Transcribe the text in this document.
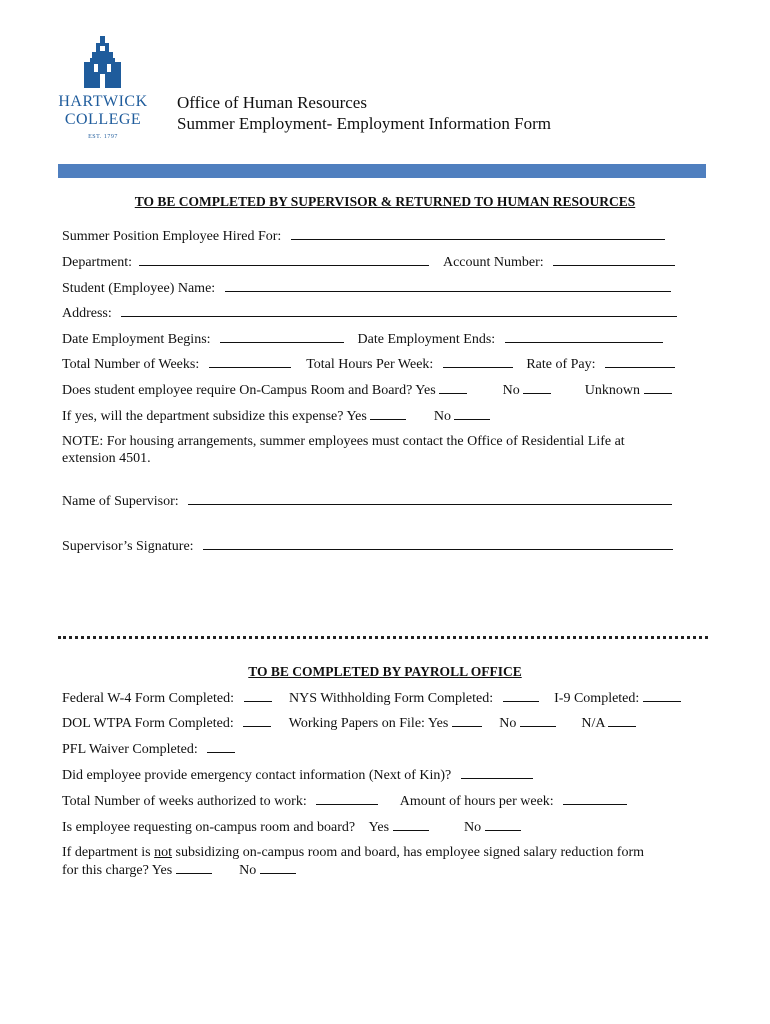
HARTWICK
COLLEGE
EST. 1797
Office of Human Resources
Summer Employment- Employment Information Form
TO BE COMPLETED BY SUPERVISOR & RETURNED TO HUMAN RESOURCES
Summer Position Employee Hired For:
Department:	Account Number:
Student (Employee) Name:
Address:
Date Employment Begins:	Date Employment Ends:
Total Number of Weeks:	Total Hours Per Week:	Rate of Pay:
Does student employee require On-Campus Room and Board? Yes	No	Unknown
If yes, will the department subsidize this expense? Yes	No
NOTE: For housing arrangements, summer employees must contact the Office of Residential Life at
extension 4501.
Name of Supervisor:
Supervisor’s Signature:
TO BE COMPLETED BY PAYROLL OFFICE
Federal W-4 Form Completed:	NYS Withholding Form Completed:	I-9 Completed:
DOL WTPA Form Completed:	Working Papers on File: Yes	No	N/A
PFL Waiver Completed:
Did employee provide emergency contact information (Next of Kin)?
Total Number of weeks authorized to work:	Amount of hours per week:
Is employee requesting on-campus room and board? Yes	No
If department is not subsidizing on-campus room and board, has employee signed salary reduction form
for this charge? Yes	No
